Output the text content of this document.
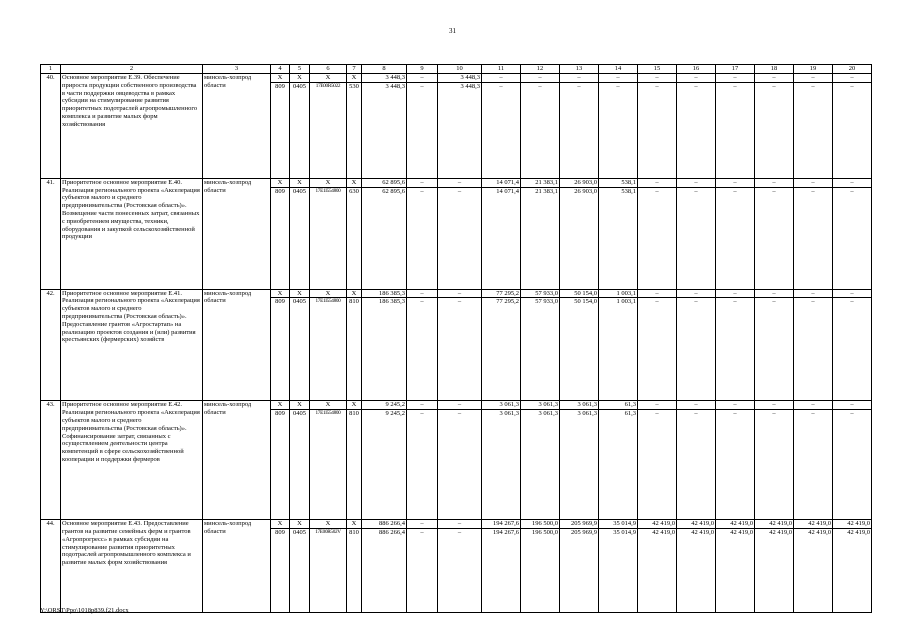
31
1	2	3	4	5	6	7	8	9	10	11	12	13	14	15	16	17	18	19	20
40.	Основное мероприятие Е.39. Обеспечение прироста продукции собственного производства в части поддержки овцеводства в рамках субсидии на стимулирование развития приоритетных подотраслей агропромышленного комплекса и развитие малых форм хозяйствования	минсель-хозпрод области	X	X	X	X	3 448,3	–	3 448,3	–	–	–	–	–	–	–	–	–	–
			809	0405	17Е00R5022	530	3 448,3	–	3 448,3	–	–	–	–	–	–	–	–	–	–
41.	Приоритетное основное мероприятие Е.40. Реализация регионального проекта «Акселерация субъектов малого и среднего предпринимательства (Ростовская область)». Возмещение части понесенных затрат, связанных с приобретением имущества, техники, оборудования и закупкой сельскохозяйственной продукции	минсель-хозпрод области	X	X	X	X	62 895,6	–	–	14 071,4	21 383,1	26 903,0	538,1	–	–	–	–	–	–
			809	0405	17Е1I554800	630	62 895,6	–	–	14 071,4	21 383,1	26 903,0	538,1	–	–	–	–	–	–
42.	Приоритетное основное мероприятие Е.41. Реализация регионального проекта «Акселерация субъектов малого и среднего предпринимательства (Ростовская область)». Предоставление грантов «Агростартап» на реализацию проектов создания и (или) развития крестьянских (фермерских) хозяйств	минсель-хозпрод области	X	X	X	X	186 385,3	–	–	77 295,2	57 933,0	50 154,0	1 003,1	–	–	–	–	–	–
			809	0405	17Е1I554800	810	186 385,3	–	–	77 295,2	57 933,0	50 154,0	1 003,1	–	–	–	–	–	–
43.	Приоритетное основное мероприятие Е.42. Реализация регионального проекта «Акселерация субъектов малого и среднего предпринимательства (Ростовская область)». Софинансирование затрат, связанных с осуществлением деятельности центра компетенций в сфере сельскохозяйственной кооперации и поддержки фермеров	минсель-хозпрод области	X	X	X	X	9 245,2	–	–	3 061,3	3 061,3	3 061,3	61,3	–	–	–	–	–	–
			809	0405	17Е1I554800	810	9 245,2	–	–	3 061,3	3 061,3	3 061,3	61,3	–	–	–	–	–	–
44.	Основное мероприятие Е.43. Предоставление грантов на развитие семейных ферм и грантов «Агропрогресс» в рамках субсидии на стимулирование развития приоритетных подотраслей агропромышленного комплекса и развитие малых форм хозяйствования	минсель-хозпрод области	X	X	X	X	886 266,4	–	–	194 267,6	196 500,0	205 969,9	35 014,9	42 419,0	42 419,0	42 419,0	42 419,0	42 419,0	42 419,0
			809	0405	17Е00R502V	810	886 266,4	–	–	194 267,6	196 500,0	205 969,9	35 014,9	42 419,0	42 419,0	42 419,0	42 419,0	42 419,0	42 419,0
Y:\ORST\Ppo\1018p839.f21.docx
